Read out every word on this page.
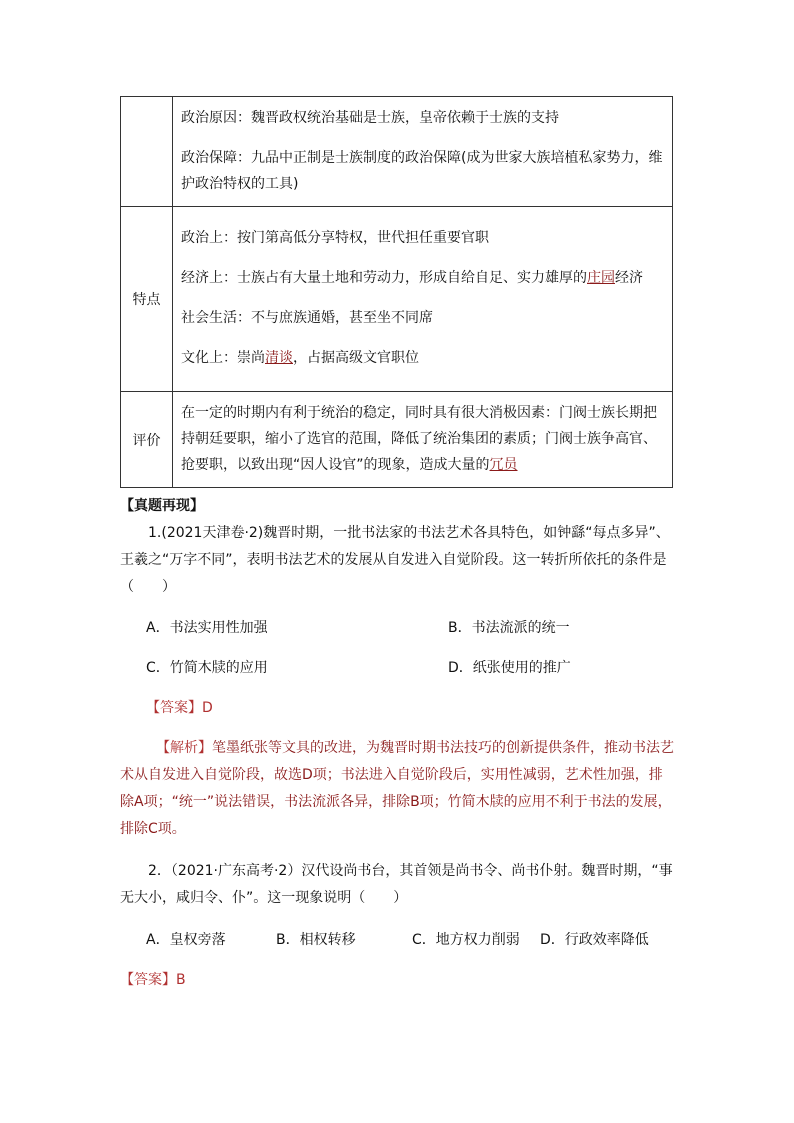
	政治原因：魏晋政权统治基础是士族，皇帝依赖于士族的支持

政治保障：九品中正制是士族制度的政治保障(成为世家大族培植私家势力，维护政治特权的工具)

特点	政治上：按门第高低分享特权，世代担任重要官职

经济上：士族占有大量土地和劳动力，形成自给自足、实力雄厚的庄园经济

社会生活：不与庶族通婚，甚至坐不同席

文化上：崇尚清谈，占据高级文官职位

评价	在一定的时期内有利于统治的稳定，同时具有很大消极因素：门阀士族长期把持朝廷要职，缩小了选官的范围，降低了统治集团的素质；门阀士族争高官、抢要职，以致出现“因人设官”的现象，造成大量的冗员

【真题再现】

1.(2021天津卷·2)魏晋时期，一批书法家的书法艺术各具特色，如钟繇“每点多异”、王羲之“万字不同”，表明书法艺术的发展从自发进入自觉阶段。这一转折所依托的条件是（　　）

A．书法实用性加强	B．书法流派的统一
C．竹简木牍的应用	D．纸张使用的推广
【答案】D

【解析】笔墨纸张等文具的改进，为魏晋时期书法技巧的创新提供条件，推动书法艺术从自发进入自觉阶段，故选D项；书法进入自觉阶段后，实用性减弱，艺术性加强，排除A项；“统一”说法错误，书法流派各异，排除B项；竹简木牍的应用不利于书法的发展，排除C项。

2．（2021·广东高考·2）汉代设尚书台，其首领是尚书令、尚书仆射。魏晋时期，“事无大小，咸归令、仆”。这一现象说明（　　）

A．皇权旁落	B．相权转移	C．地方权力削弱 D．行政效率降低
【答案】B
